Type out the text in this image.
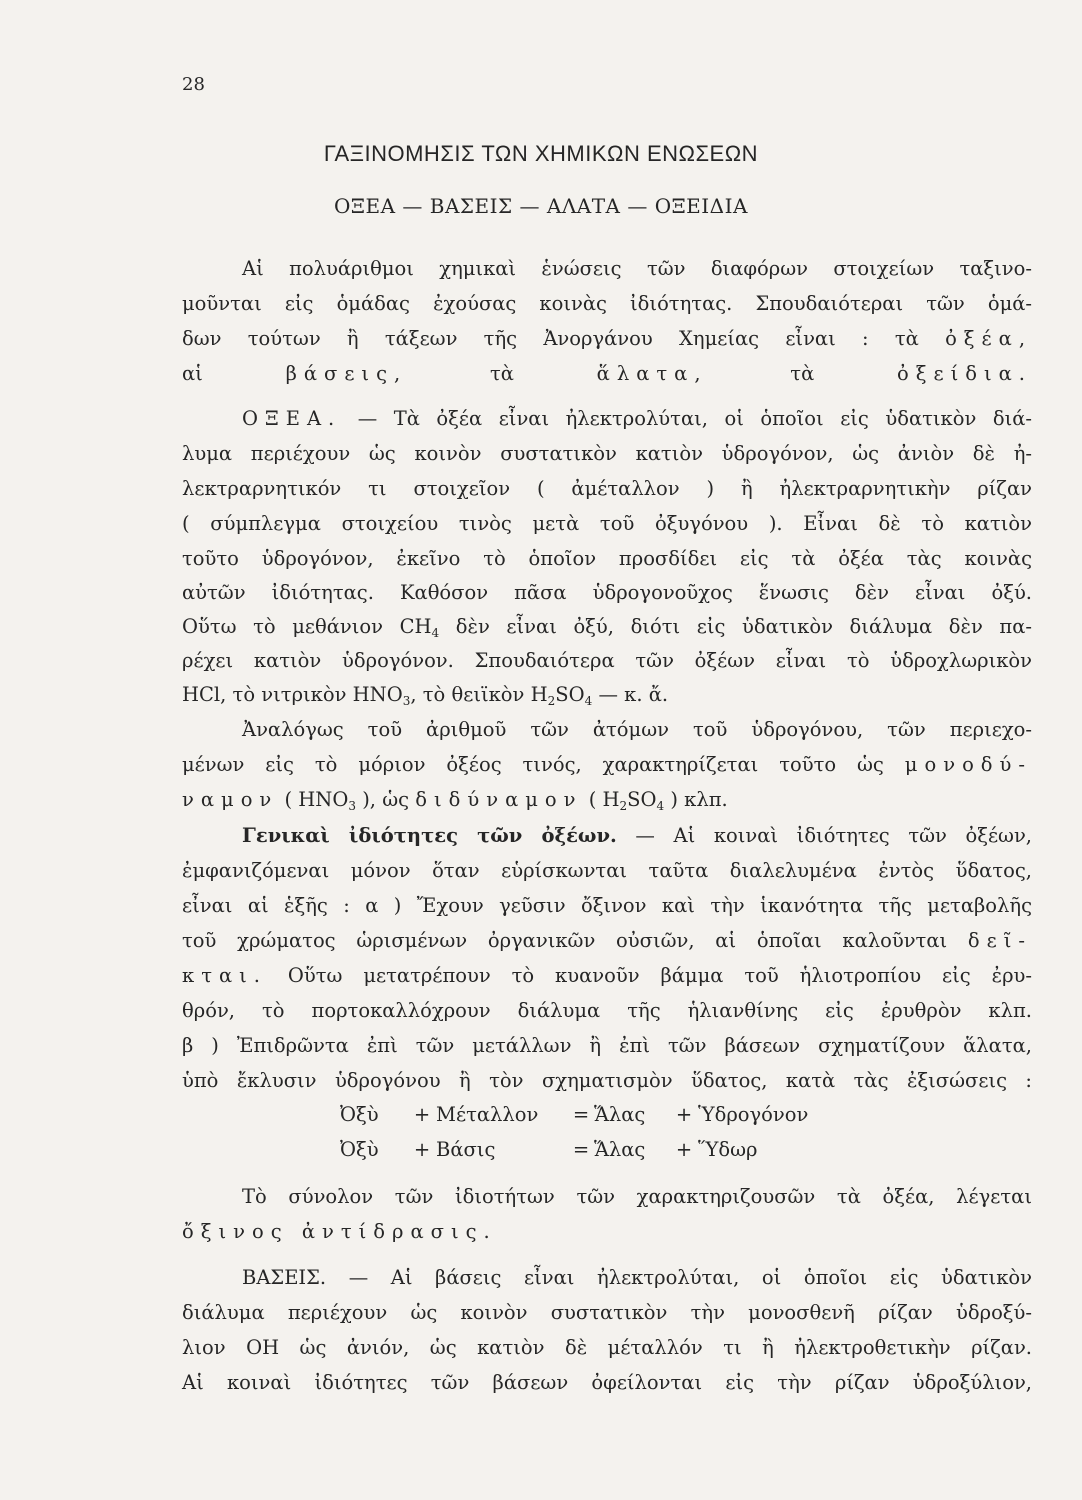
28
ΓΑΞΙΝΟΜΗΣΙΣ ΤΩΝ ΧΗΜΙΚΩΝ ΕΝΩΣΕΩΝ
ΟΞΕΑ — ΒΑΣΕΙΣ — ΑΛΑΤΑ — ΟΞΕΙΔΙΑ

Αἱ πολυάριθμοι χημικαὶ ἑνώσεις τῶν διαφόρων στοιχείων ταξινο-

μοῦνται εἰς ὁμάδας ἐχούσας κοινὰς ἰδιότητας. Σπουδαιότεραι τῶν ὁμά-

δων τούτων ἢ τάξεων τῆς Ἀνοργάνου Χημείας εἶναι : τὰ ὀξέα,

αἱ	βάσεις,	τὰ	ἅλατα,	τὰ	ὀξείδια.

ΟΞΕΑ. — Τὰ ὀξέα εἶναι ἠλεκτρολύται, οἱ ὁποῖοι εἰς ὑδατικὸν διά-

λυμα περιέχουν ὡς κοινὸν συστατικὸν κατιὸν ὑδρογόνον, ὡς ἀνιὸν δὲ ἠ-

λεκτραρνητικόν τι στοιχεῖον ( ἀμέταλλον ) ἢ ἠλεκτραρνητικὴν ρίζαν

( σύμπλεγμα στοιχείου τινὸς μετὰ τοῦ ὀξυγόνου ). Εἶναι δὲ τὸ κατιὸν

τοῦτο ὑδρογόνον, ἐκεῖνο τὸ ὁποῖον προσδίδει εἰς τὰ ὀξέα τὰς κοινὰς

αὐτῶν ἰδιότητας. Καθόσον πᾶσα ὑδρογονοῦχος ἕνωσις δὲν εἶναι ὀξύ.

Οὕτω τὸ μεθάνιον $CH_4$ δὲν εἶναι ὀξύ, διότι εἰς ὑδατικὸν διάλυμα δὲν πα-

ρέχει κατιὸν ὑδρογόνον. Σπουδαιότερα τῶν ὀξέων εἶναι τὸ ὑδροχλωρικὸν

HCl, τὸ νιτρικὸν $HNO_3$, τὸ θειϊκὸν $H_2SO_4$ — κ. ἄ.

Ἀναλόγως τοῦ ἀριθμοῦ τῶν ἀτόμων τοῦ ὑδρογόνου, τῶν περιεχο-

μένων εἰς τὸ μόριον ὀξέος τινός, χαρακτηρίζεται τοῦτο ὡς μονοδύ-

ναμον ( $HNO_3$ ), ὡς διδύναμον ( $H_2SO_4$ ) κλπ.

Γενικαὶ ἰδιότητες τῶν ὀξέων. — Αἱ κοιναὶ ἰδιότητες τῶν ὀξέων,

ἐμφανιζόμεναι μόνον ὅταν εὑρίσκωνται ταῦτα διαλελυμένα ἐντὸς ὕδατος,

εἶναι αἱ ἑξῆς : α ) Ἔχουν γεῦσιν ὄξινον καὶ τὴν ἱκανότητα τῆς μεταβολῆς

τοῦ χρώματος ὡρισμένων ὀργανικῶν οὐσιῶν, αἱ ὁποῖαι καλοῦνται δεῖ-

κται. Οὕτω μετατρέπουν τὸ κυανοῦν βάμμα τοῦ ἡλιοτροπίου εἰς ἐρυ-

θρόν, τὸ πορτοκαλλόχρουν διάλυμα τῆς ἡλιανθίνης εἰς ἐρυθρὸν κλπ.

β ) Ἐπιδρῶντα ἐπὶ τῶν μετάλλων ἢ ἐπὶ τῶν βάσεων σχηματίζουν ἅλατα,

ὑπὸ ἔκλυσιν ὑδρογόνου ἢ τὸν σχηματισμὸν ὕδατος, κατὰ τὰς ἐξισώσεις :

Ὀξὺ + Μέταλλον = Ἅλας + Ὑδρογόνον
Ὀξὺ + Βάσις	= Ἅλας + Ὕδωρ

Τὸ σύνολον τῶν ἰδιοτήτων τῶν χαρακτηριζουσῶν τὰ ὀξέα, λέγεται

ὄξινος ἀντίδρασις.

ΒΑΣΕΙΣ. — Αἱ βάσεις εἶναι ἠλεκτρολύται, οἱ ὁποῖοι εἰς ὑδατικὸν

διάλυμα περιέχουν ὡς κοινὸν συστατικὸν τὴν μονοσθενῆ ρίζαν ὑδροξύ-

λιον ΟΗ ὡς ἀνιόν, ὡς κατιὸν δὲ μέταλλόν τι ἢ ἠλεκτροθετικὴν ρίζαν.

Αἱ κοιναὶ ἰδιότητες τῶν βάσεων ὀφείλονται εἰς τὴν ρίζαν ὑδροξύλιον,
